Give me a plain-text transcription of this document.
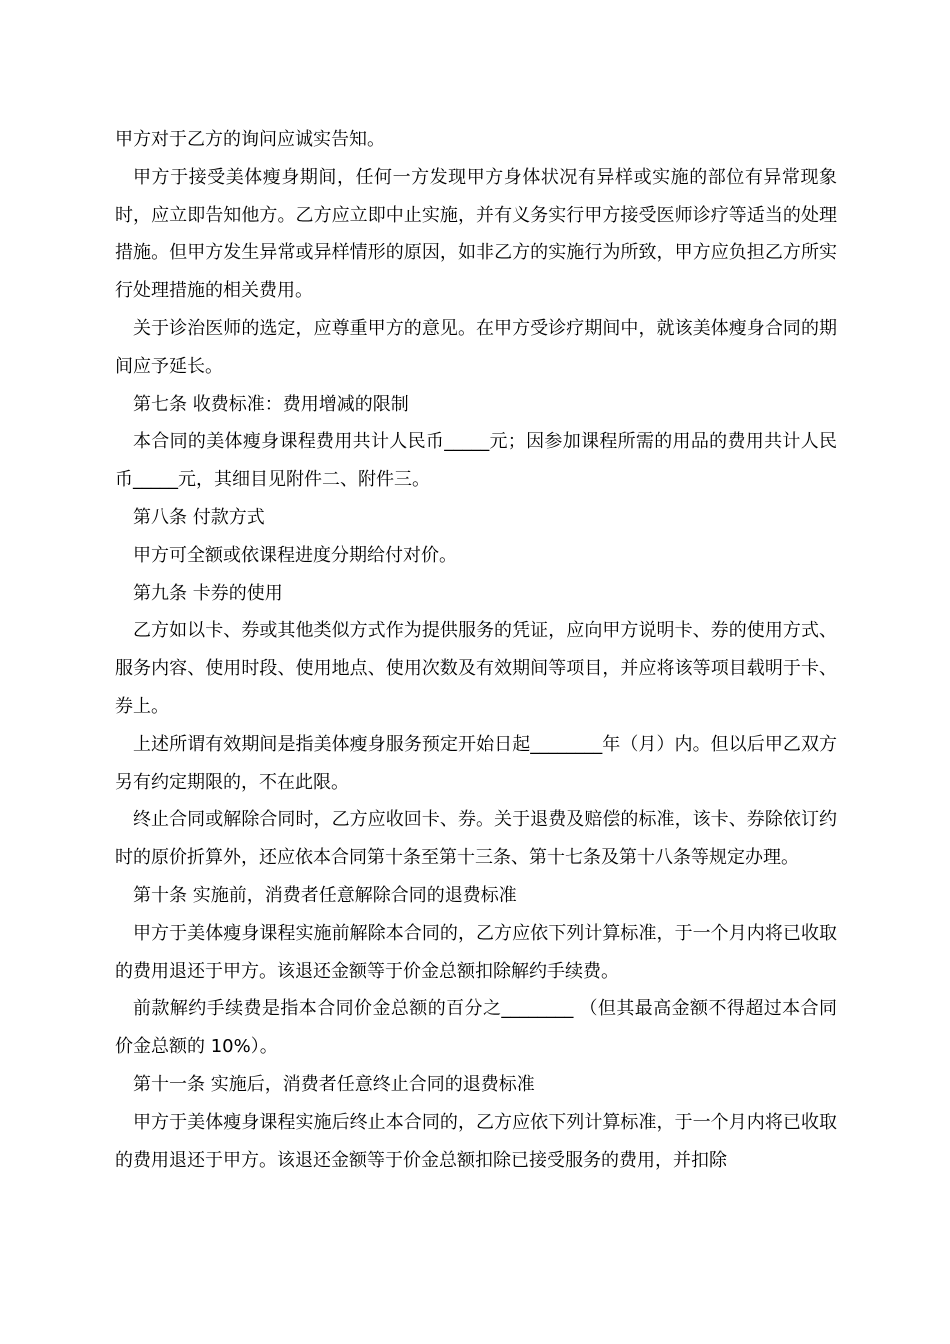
甲方对于乙方的询问应诚实告知。

甲方于接受美体瘦身期间，任何一方发现甲方身体状况有异样或实施的部位有异常现象时，应立即告知他方。乙方应立即中止实施，并有义务实行甲方接受医师诊疗等适当的处理措施。但甲方发生异常或异样情形的原因，如非乙方的实施行为所致，甲方应负担乙方所实行处理措施的相关费用。

关于诊治医师的选定，应尊重甲方的意见。在甲方受诊疗期间中，就该美体瘦身合同的期间应予延长。

第七条 收费标准：费用增减的限制

本合同的美体瘦身课程费用共计人民币_____元；因参加课程所需的用品的费用共计人民币_____元，其细目见附件二、附件三。

第八条 付款方式

甲方可全额或依课程进度分期给付对价。

第九条 卡券的使用

乙方如以卡、券或其他类似方式作为提供服务的凭证，应向甲方说明卡、券的使用方式、服务内容、使用时段、使用地点、使用次数及有效期间等项目，并应将该等项目载明于卡、券上。

上述所谓有效期间是指美体瘦身服务预定开始日起________年（月）内。但以后甲乙双方另有约定期限的，不在此限。

终止合同或解除合同时，乙方应收回卡、券。关于退费及赔偿的标准，该卡、券除依订约时的原价折算外，还应依本合同第十条至第十三条、第十七条及第十八条等规定办理。

第十条 实施前，消费者任意解除合同的退费标准

甲方于美体瘦身课程实施前解除本合同的，乙方应依下列计算标准，于一个月内将已收取的费用退还于甲方。该退还金额等于价金总额扣除解约手续费。

前款解约手续费是指本合同价金总额的百分之________ （但其最高金额不得超过本合同价金总额的 10%）。

第十一条 实施后，消费者任意终止合同的退费标准

甲方于美体瘦身课程实施后终止本合同的，乙方应依下列计算标准，于一个月内将已收取的费用退还于甲方。该退还金额等于价金总额扣除已接受服务的费用，并扣除
